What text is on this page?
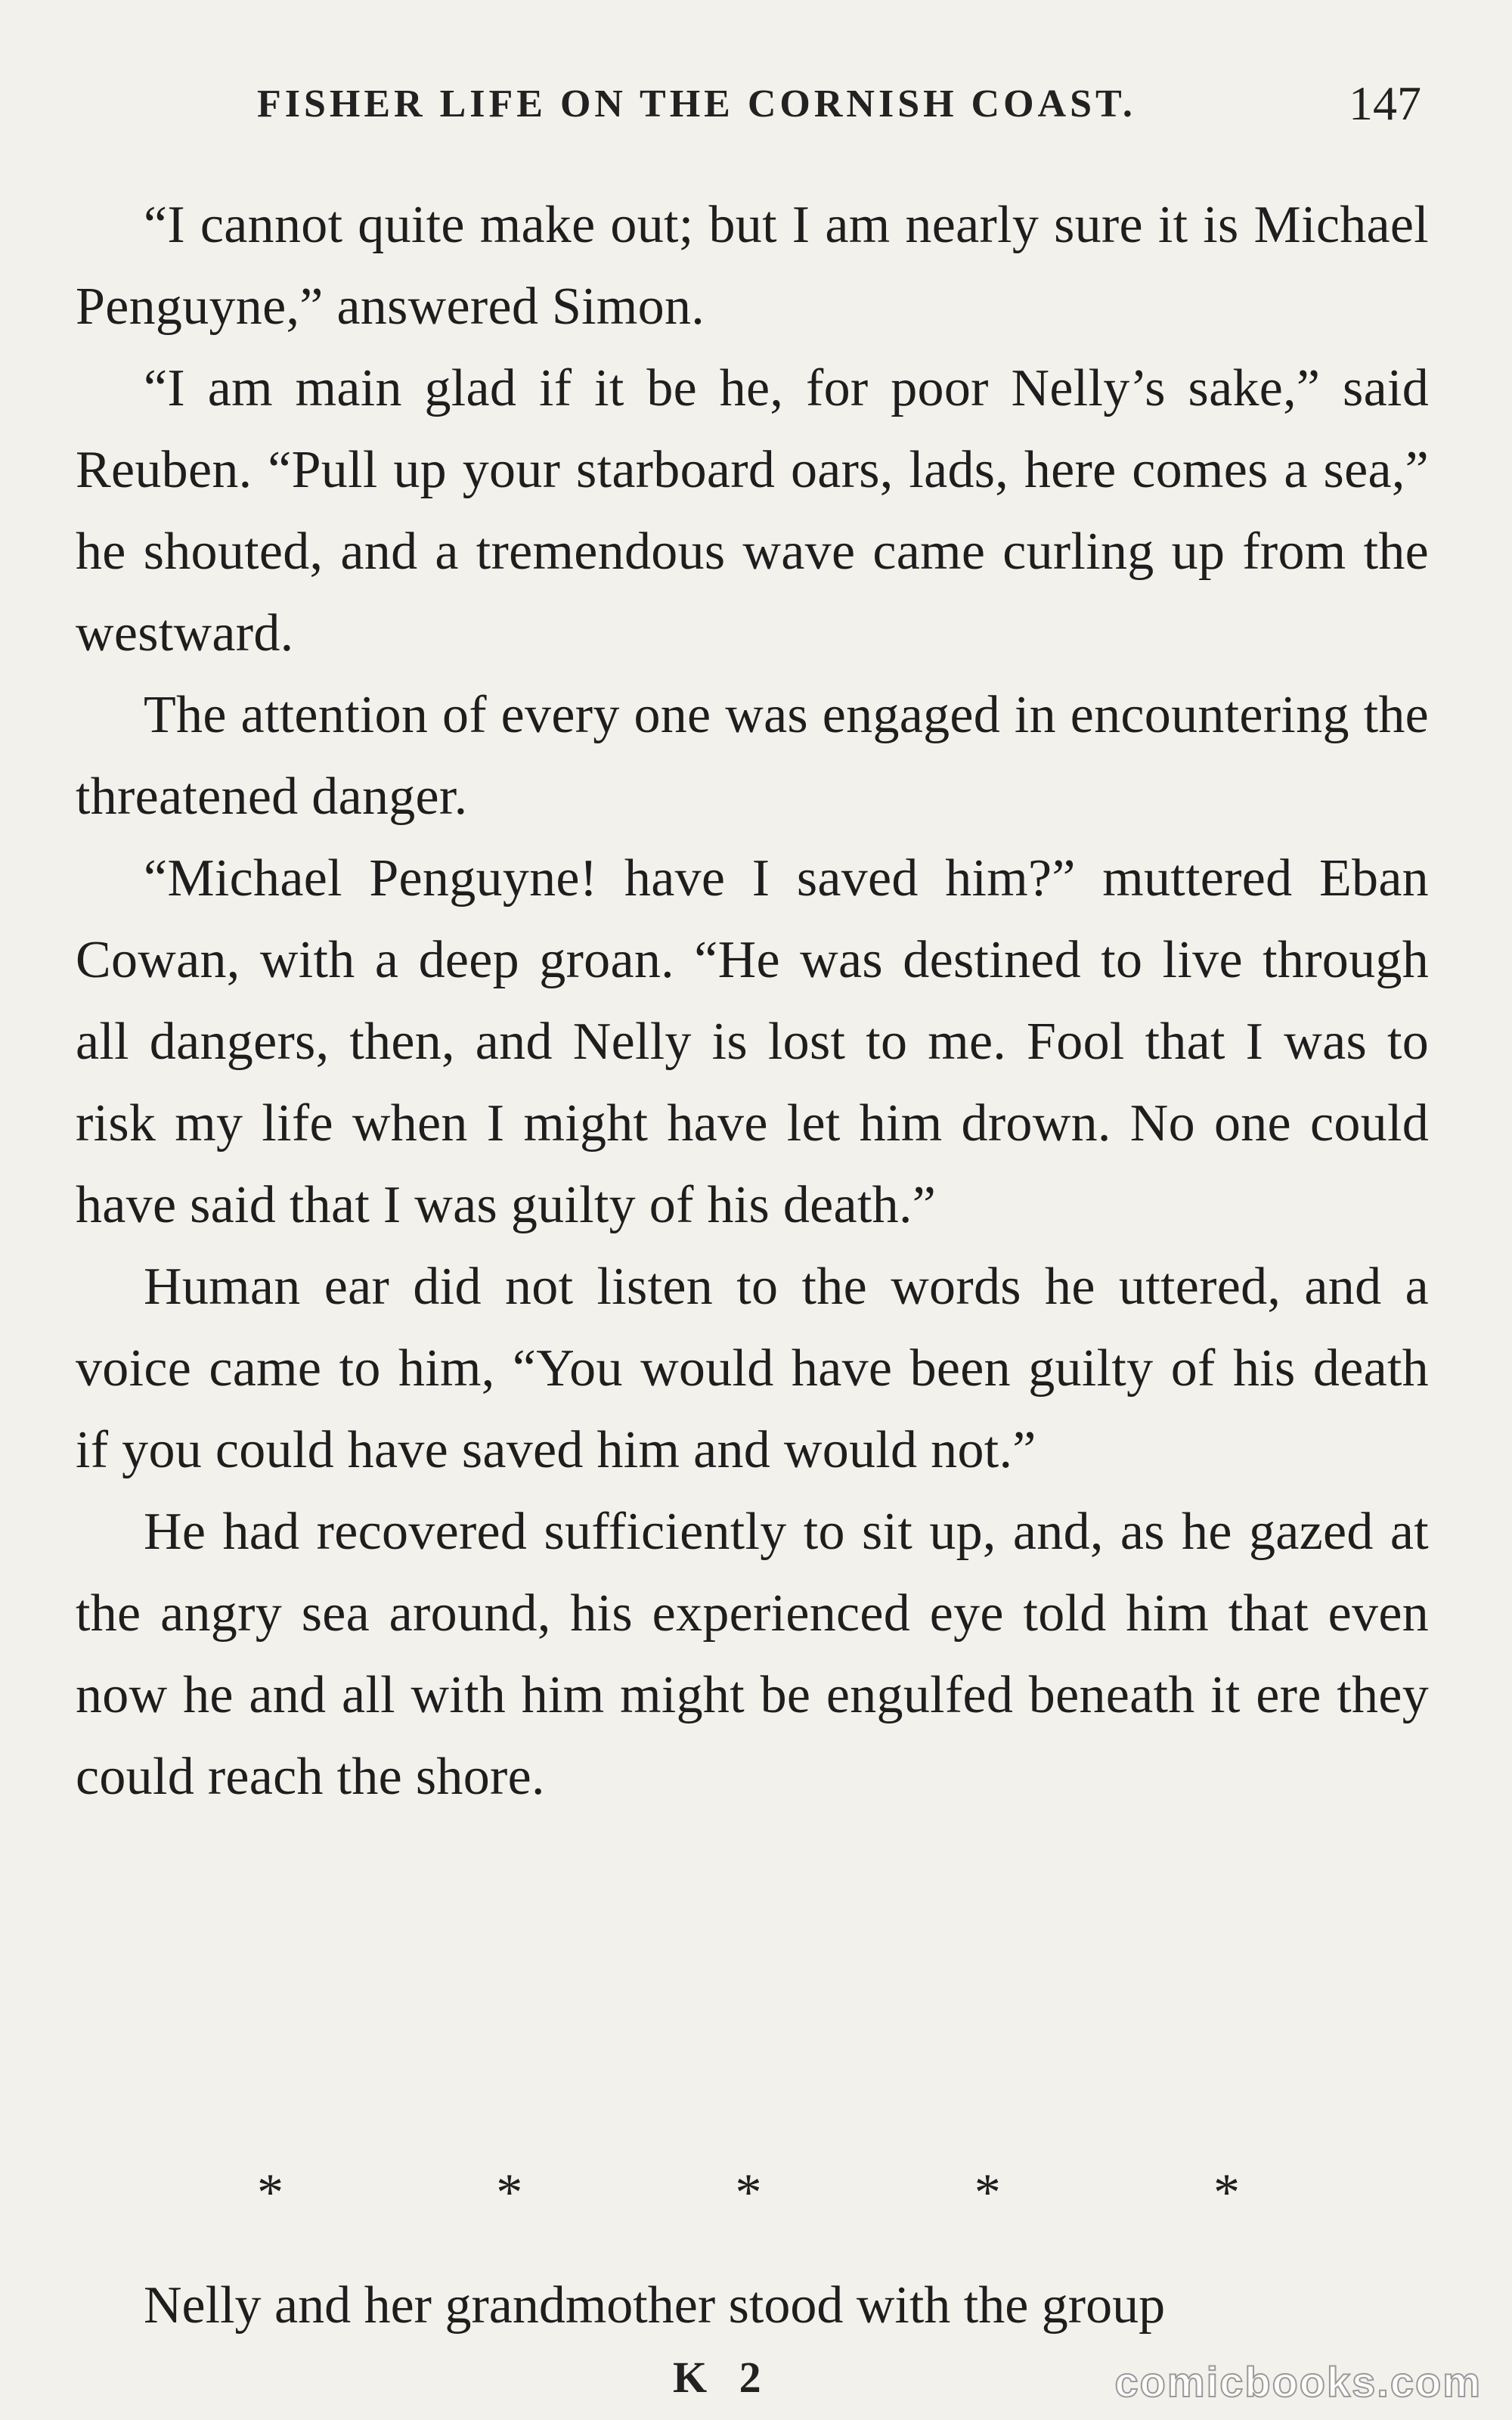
FISHER LIFE ON THE CORNISH COAST.	147

“I cannot quite make out; but I am nearly sure it is Michael Penguyne,” answered Simon.

“I am main glad if it be he, for poor Nelly’s sake,” said Reuben. “Pull up your starboard oars, lads, here comes a sea,” he shouted, and a tremendous wave came curling up from the westward.

The attention of every one was engaged in encountering the threatened danger.

“Michael Penguyne! have I saved him?” muttered Eban Cowan, with a deep groan. “He was destined to live through all dangers, then, and Nelly is lost to me. Fool that I was to risk my life when I might have let him drown. No one could have said that I was guilty of his death.”

Human ear did not listen to the words he uttered, and a voice came to him, “You would have been guilty of his death if you could have saved him and would not.”

He had recovered sufficiently to sit up, and, as he gazed at the angry sea around, his experienced eye told him that even now he and all with him might be engulfed beneath it ere they could reach the shore.

*	*	*	*	*
Nelly and her grandmother stood with the group
K 2	comicbooks.com
